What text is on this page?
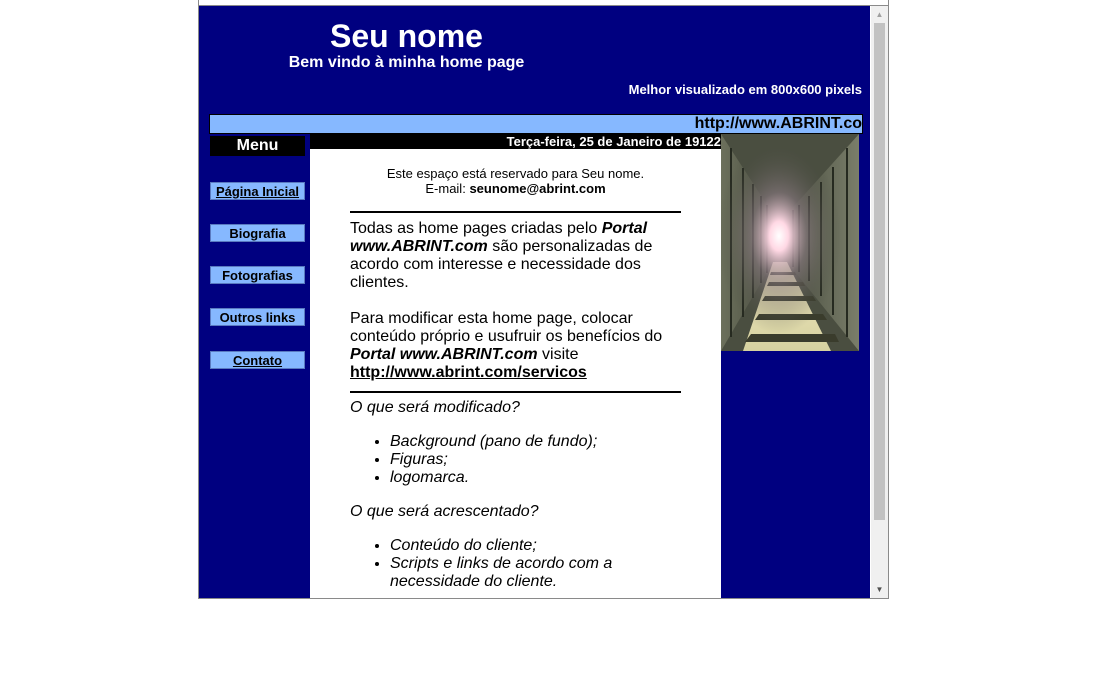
Seu nome
Bem vindo à minha home page
Melhor visualizado em 800x600 pixels
http://www.ABRINT.co
Menu
Página Inicial
Biografia
Fotografias
Outros links
Contato
Terça-feira, 25 de Janeiro de 19122
Este espaço está reservado para Seu nome.
E-mail: seunome@abrint.com

Todas as home pages criadas pelo Portal www.ABRINT.com são personalizadas de acordo com interesse e necessidade dos clientes.

Para modificar esta home page, colocar conteúdo próprio e usufruir os benefícios do Portal www.ABRINT.com visite http://www.abrint.com/servicos

O que será modificado?
• Background (pano de fundo);
• Figuras;
• logomarca.
O que será acrescentado?
• Conteúdo do cliente;
• Scripts e links de acordo com a necessidade do cliente.
▲
▼
